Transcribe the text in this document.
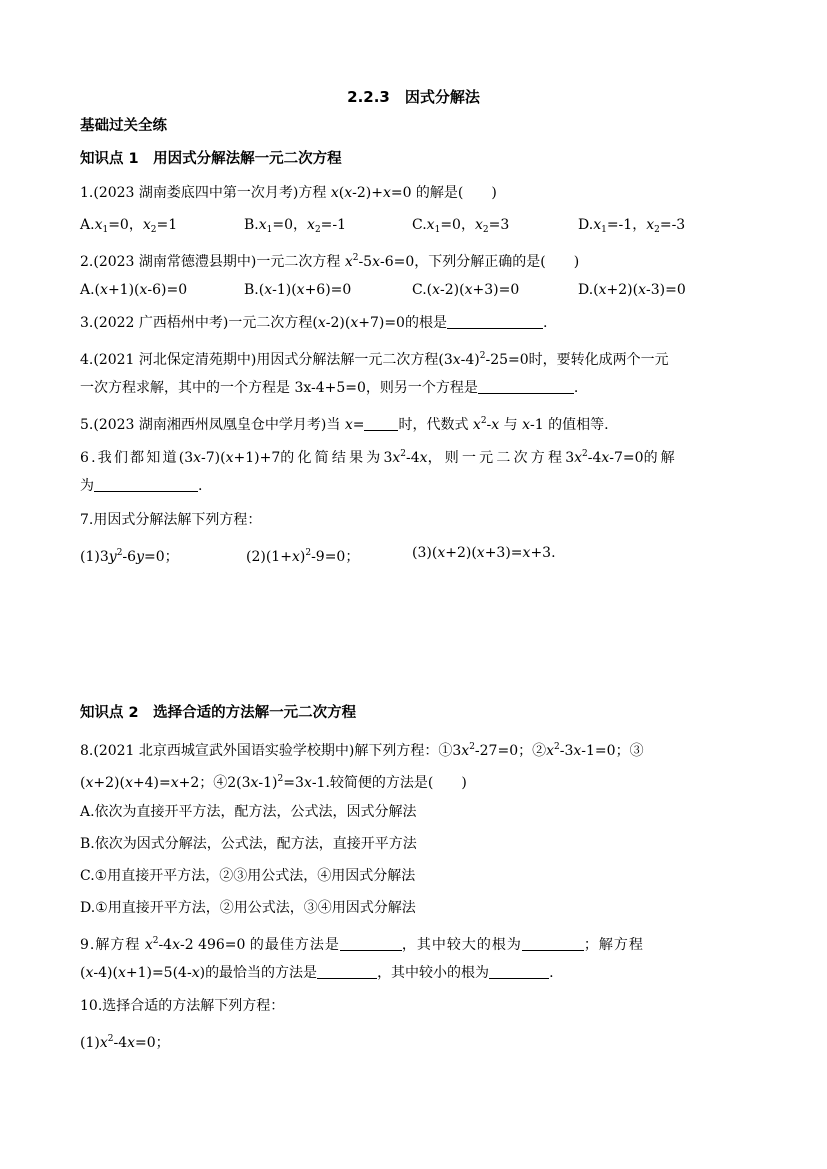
2.2.3　因式分解法
基础过关全练
知识点 1　用因式分解法解一元二次方程
1.(2023 湖南娄底四中第一次月考)方程 x(x-2)+x=0 的解是(　　)
$A.x_1=0$，$x_2=1$	$B.x_1=0$，$x_2=-1$	$C.x_1=0$，$x_2=3$	$D.x_1=-1$，$x_2=-3$
2.(2023 湖南常德澧县期中)一元二次方程 $x^2-5x-6=0$，下列分解正确的是(　　)
A.(x+1)(x-6)=0	B.(x-1)(x+6)=0	C.(x-2)(x+3)=0	D.(x+2)(x-3)=0
3.(2022 广西梧州中考)一元二次方程(x-2)(x+7)=0的根是	.
4.(2021 河北保定清苑期中)用因式分解法解一元二次方程$(3x-4)^2-25=0$时，要转化成两个一元
一次方程求解，其中的一个方程是 3x-4+5=0，则另一个方程是	.
5.(2023 湖南湘西州凤凰皇仓中学月考)当 x= 时，代数式 $x^2-x$ 与 x-1 的值相等.
6.我们都知道(3x-7)(x+1)+7的化简结果为$3x^2-4x$，则一元二次方程$3x^2-4x-7=0$的解
为	.
7.用因式分解法解下列方程：
$(1)3y^2-6y=0$；	$(2)(1+x)^2-9=0$；	(3)(x+2)(x+3)=x+3.
知识点 2　选择合适的方法解一元二次方程
8.(2021 北京西城宣武外国语实验学校期中)解下列方程：$①3x^2-27=0$；$②x^2-3x-1=0$；③
(x+2)(x+4)=x+2；$④2(3x-1)^2=3x-1$.较简便的方法是(　　)
A.依次为直接开平方法，配方法，公式法，因式分解法
B.依次为因式分解法，公式法，配方法，直接开平方法
C.①用直接开平方法，②③用公式法，④用因式分解法
D.①用直接开平方法，②用公式法，③④用因式分解法
9.解方程 $x^2-4x-2$ 496=0 的最佳方法是	，其中较大的根为	；解方程
(x-4)(x+1)=5(4-x)的最恰当的方法是	，其中较小的根为	.
10.选择合适的方法解下列方程：
$(1)x^2-4x=0$；
